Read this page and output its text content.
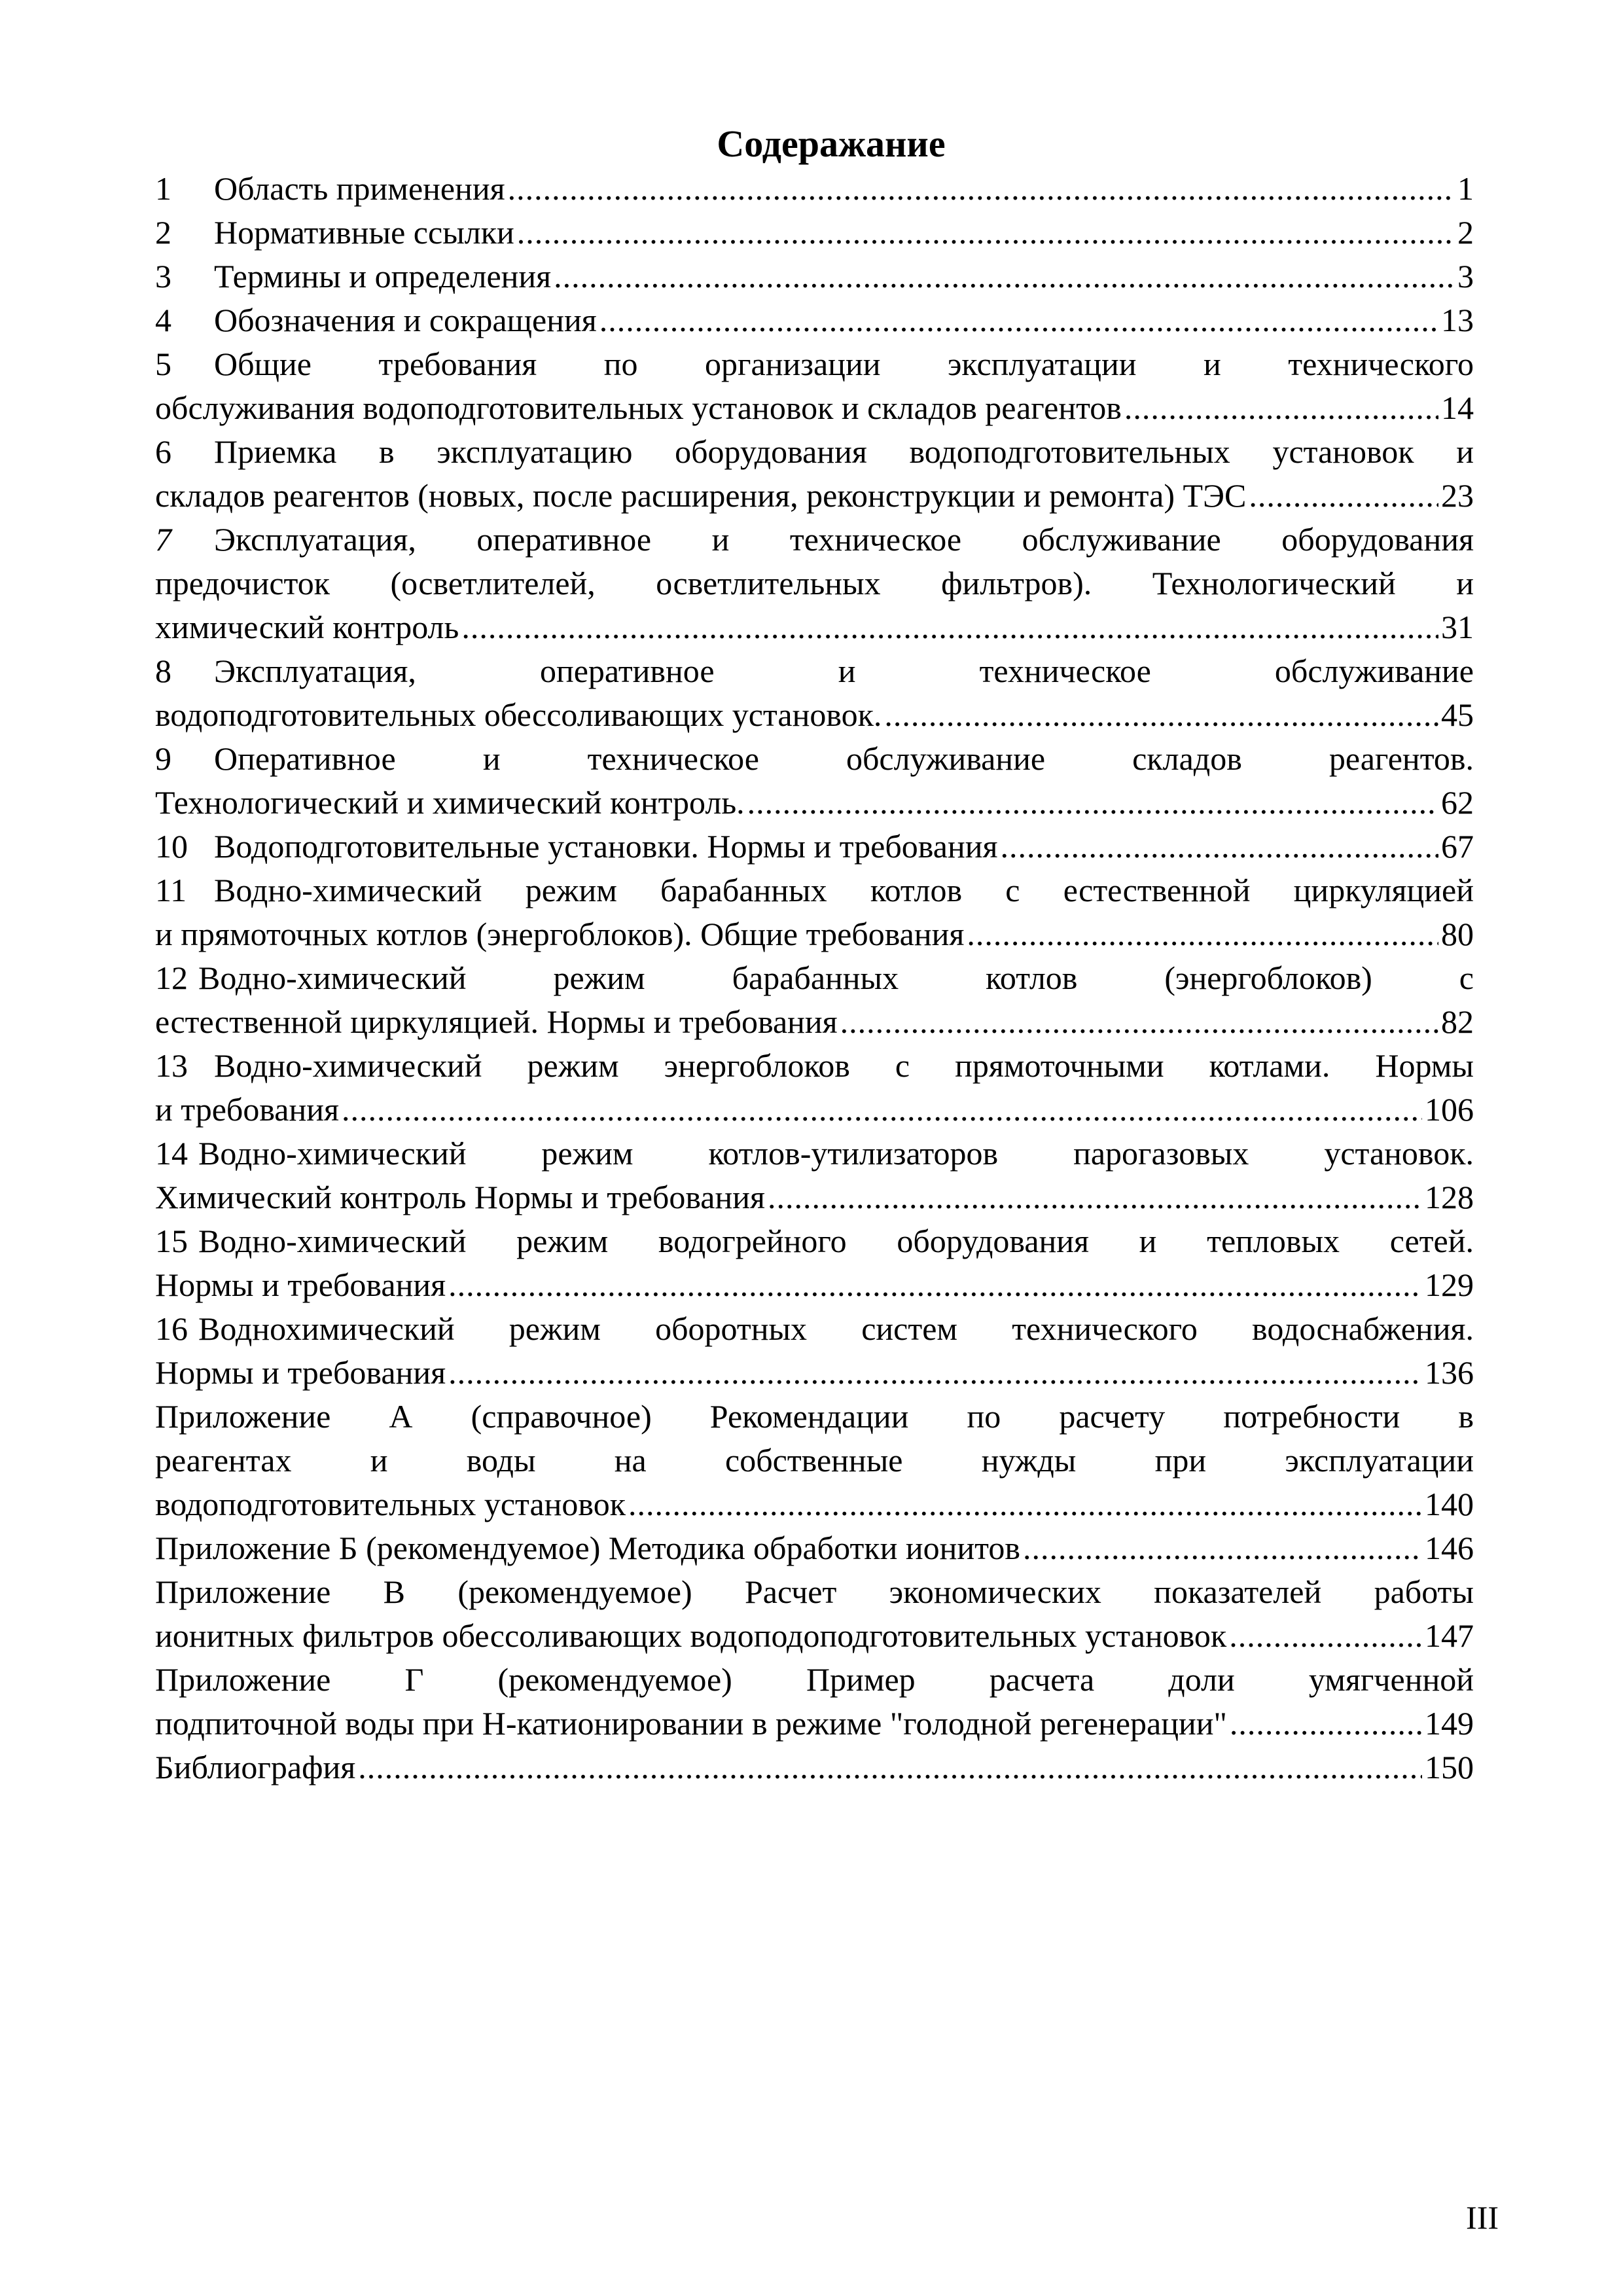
Содеражание
1	Область применения .....	1
2	Нормативные ссылки .....	2
3	Термины и определения .....	3
4	Обозначения и сокращения .....	13
5	Общие требования по организации эксплуатации и технического
обслуживания водоподготовительных установок и складов реагентов .....	14
6	Приемка в эксплуатацию оборудования водоподготовительных установок и
складов реагентов (новых, после расширения, реконструкции и ремонта) ТЭС .....	23
7	Эксплуатация, оперативное и техническое обслуживание оборудования
предочисток (осветлителей, осветлительных фильтров). Технологический и
химический контроль .....	31
8	Эксплуатация, оперативное и техническое обслуживание
водоподготовительных обессоливающих установок. .....	45
9	Оперативное и техническое обслуживание складов реагентов.
Технологический и химический контроль. .....	62
10 Водоподготовительные установки. Нормы и требования .....	67
11 Водно-химический режим барабанных котлов с естественной циркуляцией
и прямоточных котлов (энергоблоков). Общие требования .....	80
12 Водно-химический режим барабанных котлов (энергоблоков) с
естественной циркуляцией. Нормы и требования .....	82
13 Водно-химический режим энергоблоков с прямоточными котлами. Нормы
и требования .....	106
14 Водно-химический режим котлов-утилизаторов парогазовых установок.
Химический контроль Нормы и требования .....	128
15 Водно-химический режим водогрейного оборудования и тепловых сетей.
Нормы и требования .....	129
16 Воднохимический режим оборотных систем технического водоснабжения.
Нормы и требования .....	136
Приложение А (справочное) Рекомендации по расчету потребности в
реагентах и воды на собственные нужды при эксплуатации
водоподготовительных установок .....	140
Приложение Б (рекомендуемое) Методика обработки ионитов .....	146
Приложение В (рекомендуемое) Расчет экономических показателей работы
ионитных фильтров обессоливающих водоподоподготовительных установок .....	147
Приложение Г (рекомендуемое) Пример расчета доли умягченной
подпиточной воды при Н-катионировании в режиме "голодной регенерации" .....	149
Библиография .....	150
III
